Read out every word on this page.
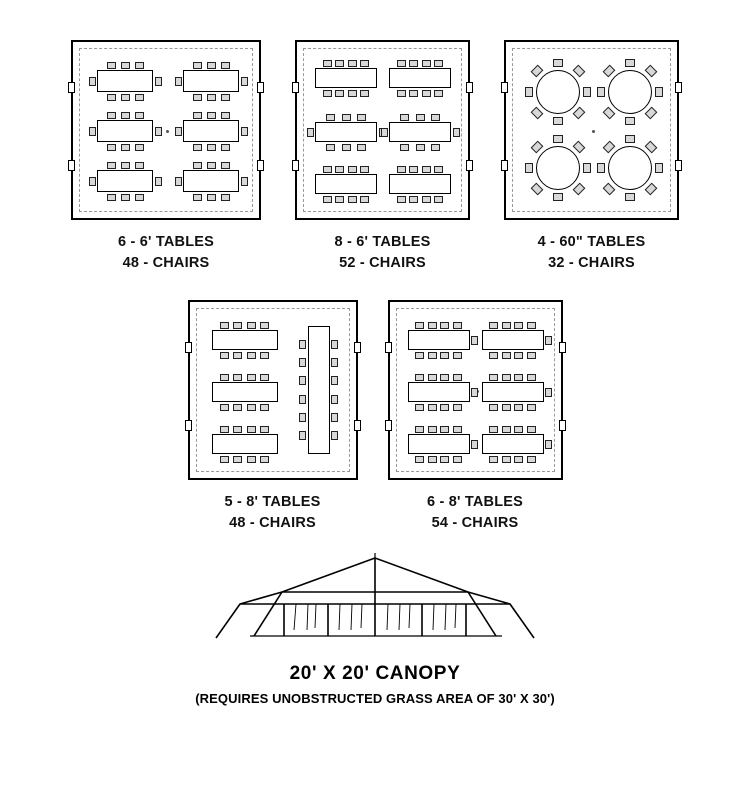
6 - 6' TABLES
48 - CHAIRS
8 - 6' TABLES
52 - CHAIRS
4 - 60" TABLES
32 - CHAIRS
5 - 8' TABLES
48 - CHAIRS
6 - 8' TABLES
54 - CHAIRS
20' X 20' CANOPY
(REQUIRES UNOBSTRUCTED GRASS AREA OF 30' X 30')
